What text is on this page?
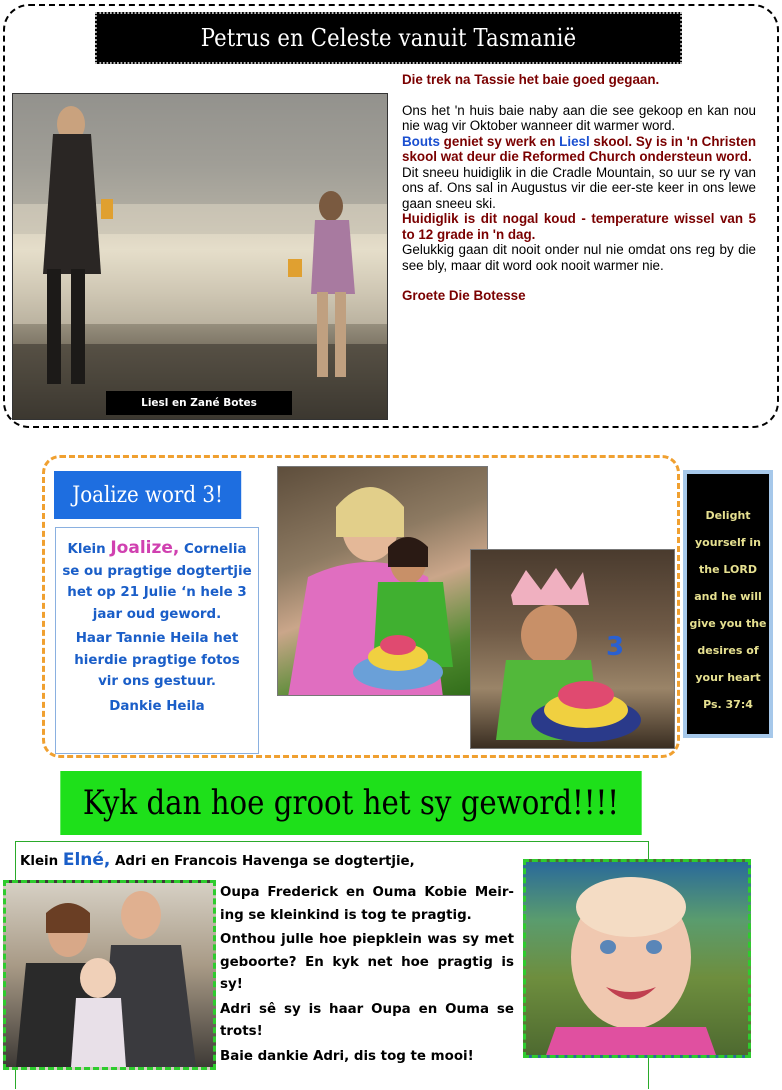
Petrus en Celeste vanuit Tasmanië
Liesl en Zané Botes

Die trek na Tassie het baie goed gegaan.

Ons het 'n huis baie naby aan die see gekoop en kan nou nie wag vir Oktober wanneer dit warmer word.

Bouts geniet sy werk en Liesl skool. Sy is in 'n Christen skool wat deur die Reformed Church ondersteun word.

Dit sneeu huidiglik in die Cradle Mountain, so uur se ry van ons af. Ons sal in Augustus vir die eer-ste keer in ons lewe gaan sneeu ski.

Huidiglik is dit nogal koud - temperature wissel van 5 to 12 grade in 'n dag.

Gelukkig gaan dit nooit onder nul nie omdat ons reg by die see bly, maar dit word ook nooit warmer nie.

Groete Die Botesse

Joalize word 3!

Klein Joalize, Cornelia se ou pragtige dogtertjie het op 21 Julie ‘n hele 3 jaar oud geword.

Haar Tannie Heila het hierdie pragtige fotos vir ons gestuur.

Dankie Heila

3
Delight
yourself in
the LORD
and he will
give you the
desires of
your heart
Ps. 37:4
Kyk dan hoe groot het sy geword!!!!
Klein Elné, Adri en Francois Havenga se dogtertjie,

Oupa Frederick en Ouma Kobie Meir-ing se kleinkind is tog te pragtig.

Onthou julle hoe piepklein was sy met geboorte? En kyk net hoe pragtig is sy!

Adri sê sy is haar Oupa en Ouma se trots!

Baie dankie Adri, dis tog te mooi!
